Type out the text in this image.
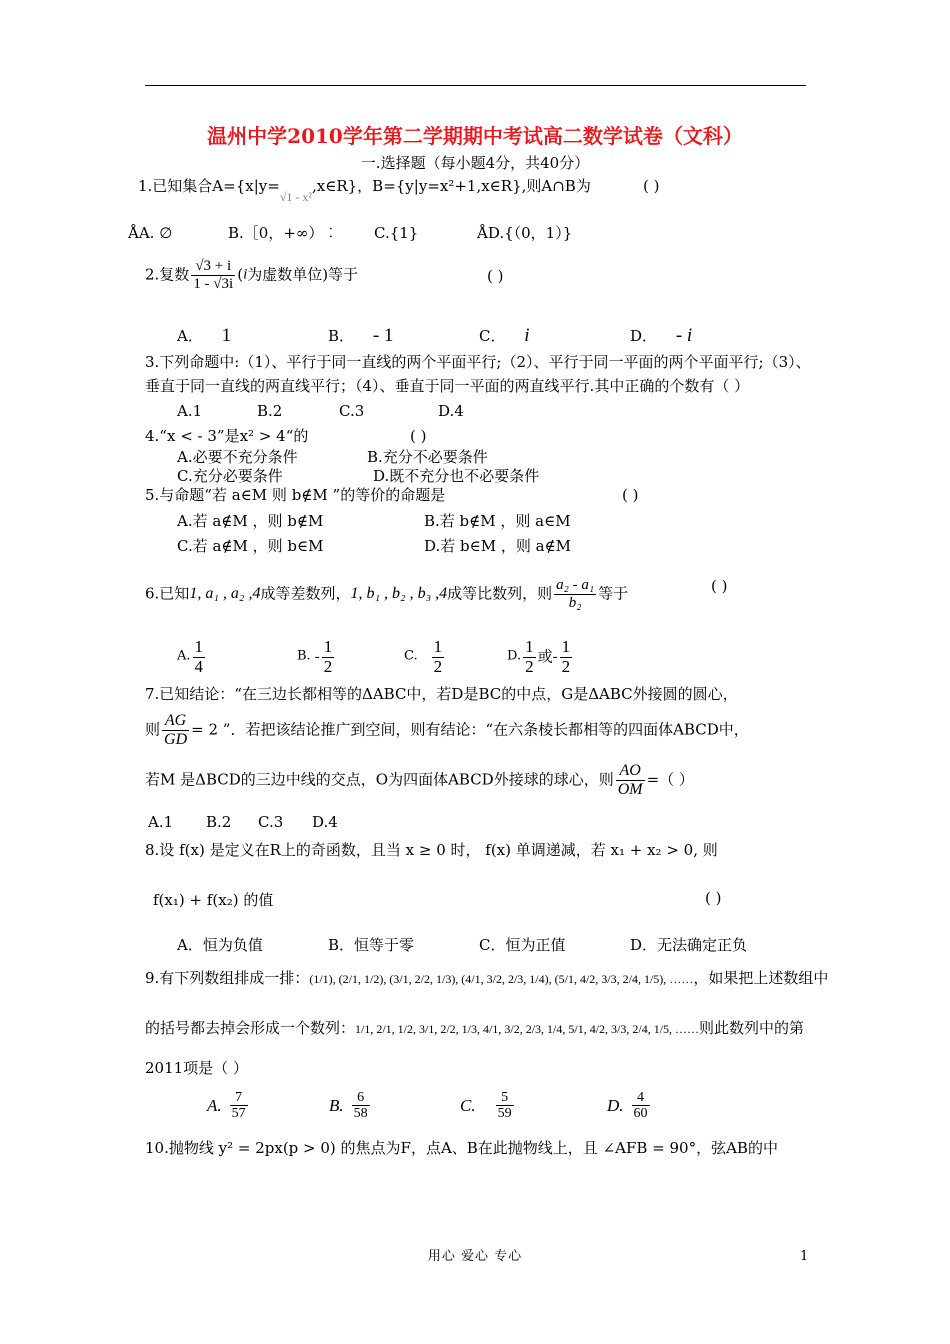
温州中学2010学年第二学期期中考试高二数学试卷（文科）
一.选择题（每小题4分，共40分）
1.已知集合$A=\{x|y=_{√1 - x^2},x\in R\}$，B={y|y=x²+1,x∈R},则A∩B为	( )
ÅA. ∅	B.［0，+∞）︰ C.{1}	ÅD.{（0，1）}
2.复数 $\frac{√3 + i}{1 - √3i} (i$为虚数单位)等于	( )
A． 1	B． - 1	C． i	D． - i
3.下列命题中:（1）、平行于同一直线的两个平面平行;（2）、平行于同一平面的两个平面平行;（3）、
垂直于同一直线的两直线平行；（4）、垂直于同一平面的两直线平行.其中正确的个数有（ ）
A.1	B.2	C.3	D.4
4.“x < - 3”是x² > 4“的	( )
A.必要不充分条件	B.充分不必要条件
C.充分必要条件	D.既不充分也不必要条件
5.与命题“若 a∈M 则 b∉M ”的等价的命题是	( )
A.若 a∉M ，则 b∉M	B.若 b∉M ，则 a∈M
C.若 a∉M ，则 b∈M	D.若 b∈M ，则 a∉M
6.已知1, a₁ , a₂ ,4成等差数列，1, b₁ , b₂ , b₃ ,4成等比数列，则 $\frac{\text{a₂ - a₁}}{\text{b₂}}$ 等于	( )
A. $\frac{1}{4}$	B. - $\frac{1}{2}$	C. $\frac{1}{2}$	D. $\frac{1}{2}$ 或- $\frac{1}{2}$
7.已知结论：“在三边长都相等的ΔABC中，若D是BC的中点，G是ΔABC外接圆的圆心，
则 $\frac{AG}{GD} = 2$ ”．若把该结论推广到空间，则有结论：“在六条棱长都相等的四面体ABCD中，
若M 是ΔBCD的三边中线的交点，O为四面体ABCD外接球的球心，则 $\frac{AO}{OM}$ =（ ）
A.1 B.2 C.3 D.4
8.设 f(x) 是定义在R上的奇函数，且当 x ≥ 0 时， f(x) 单调递减，若 x₁ + x₂ > 0, 则
f(x₁) + f(x₂) 的值	( )
A．恒为负值	B．恒等于零	C．恒为正值	D．无法确定正负
9.有下列数组排成一排：(1/1), (2/1, 1/2), (3/1, 2/2, 1/3), (4/1, 3/2, 2/3, 1/4), (5/1, 4/2, 3/3, 2/4, 1/5), ……，如果把上述数组中
的括号都去掉会形成一个数列：1/1, 2/1, 1/2, 3/1, 2/2, 1/3, 4/1, 3/2, 2/3, 1/4, 5/1, 4/2, 3/3, 2/4, 1/5, ……则此数列中的第
2011项是（ ）
A. $\frac{7}{57}$	B. $\frac{6}{58}$	C. $\frac{5}{59}$	D. $\frac{4}{60}$
10.抛物线 y² = 2px(p > 0) 的焦点为F，点A、B在此抛物线上，且 ∠AFB = 90°，弦AB的中
用心 爱心 专心	1
